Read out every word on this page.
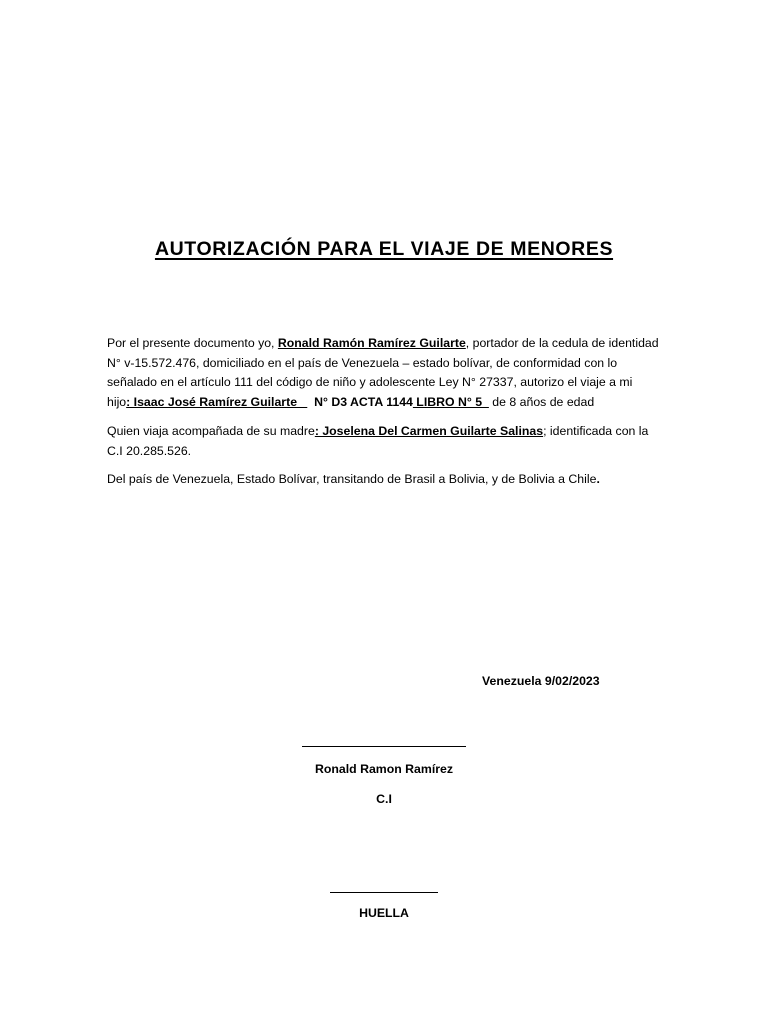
AUTORIZACIÓN PARA EL VIAJE DE MENORES
Por el presente documento yo, Ronald Ramón Ramírez Guilarte, portador de la cedula de identidad N° v-15.572.476, domiciliado en el país de Venezuela – estado bolívar, de conformidad con lo señalado en el artículo 111 del código de niño y adolescente Ley N° 27337, autorizo el viaje a mi hijo: Isaac José Ramírez Guilarte     N° D3 ACTA 1144 LIBRO N° 5   de 8 años de edad
Quien viaja acompañada de su madre: Joselena Del Carmen Guilarte Salinas; identificada con la C.I 20.285.526.
Del país de Venezuela, Estado Bolívar, transitando de Brasil a Bolivia, y de Bolivia a Chile.
Venezuela 9/02/2023
Ronald Ramon Ramírez
C.I
HUELLA
